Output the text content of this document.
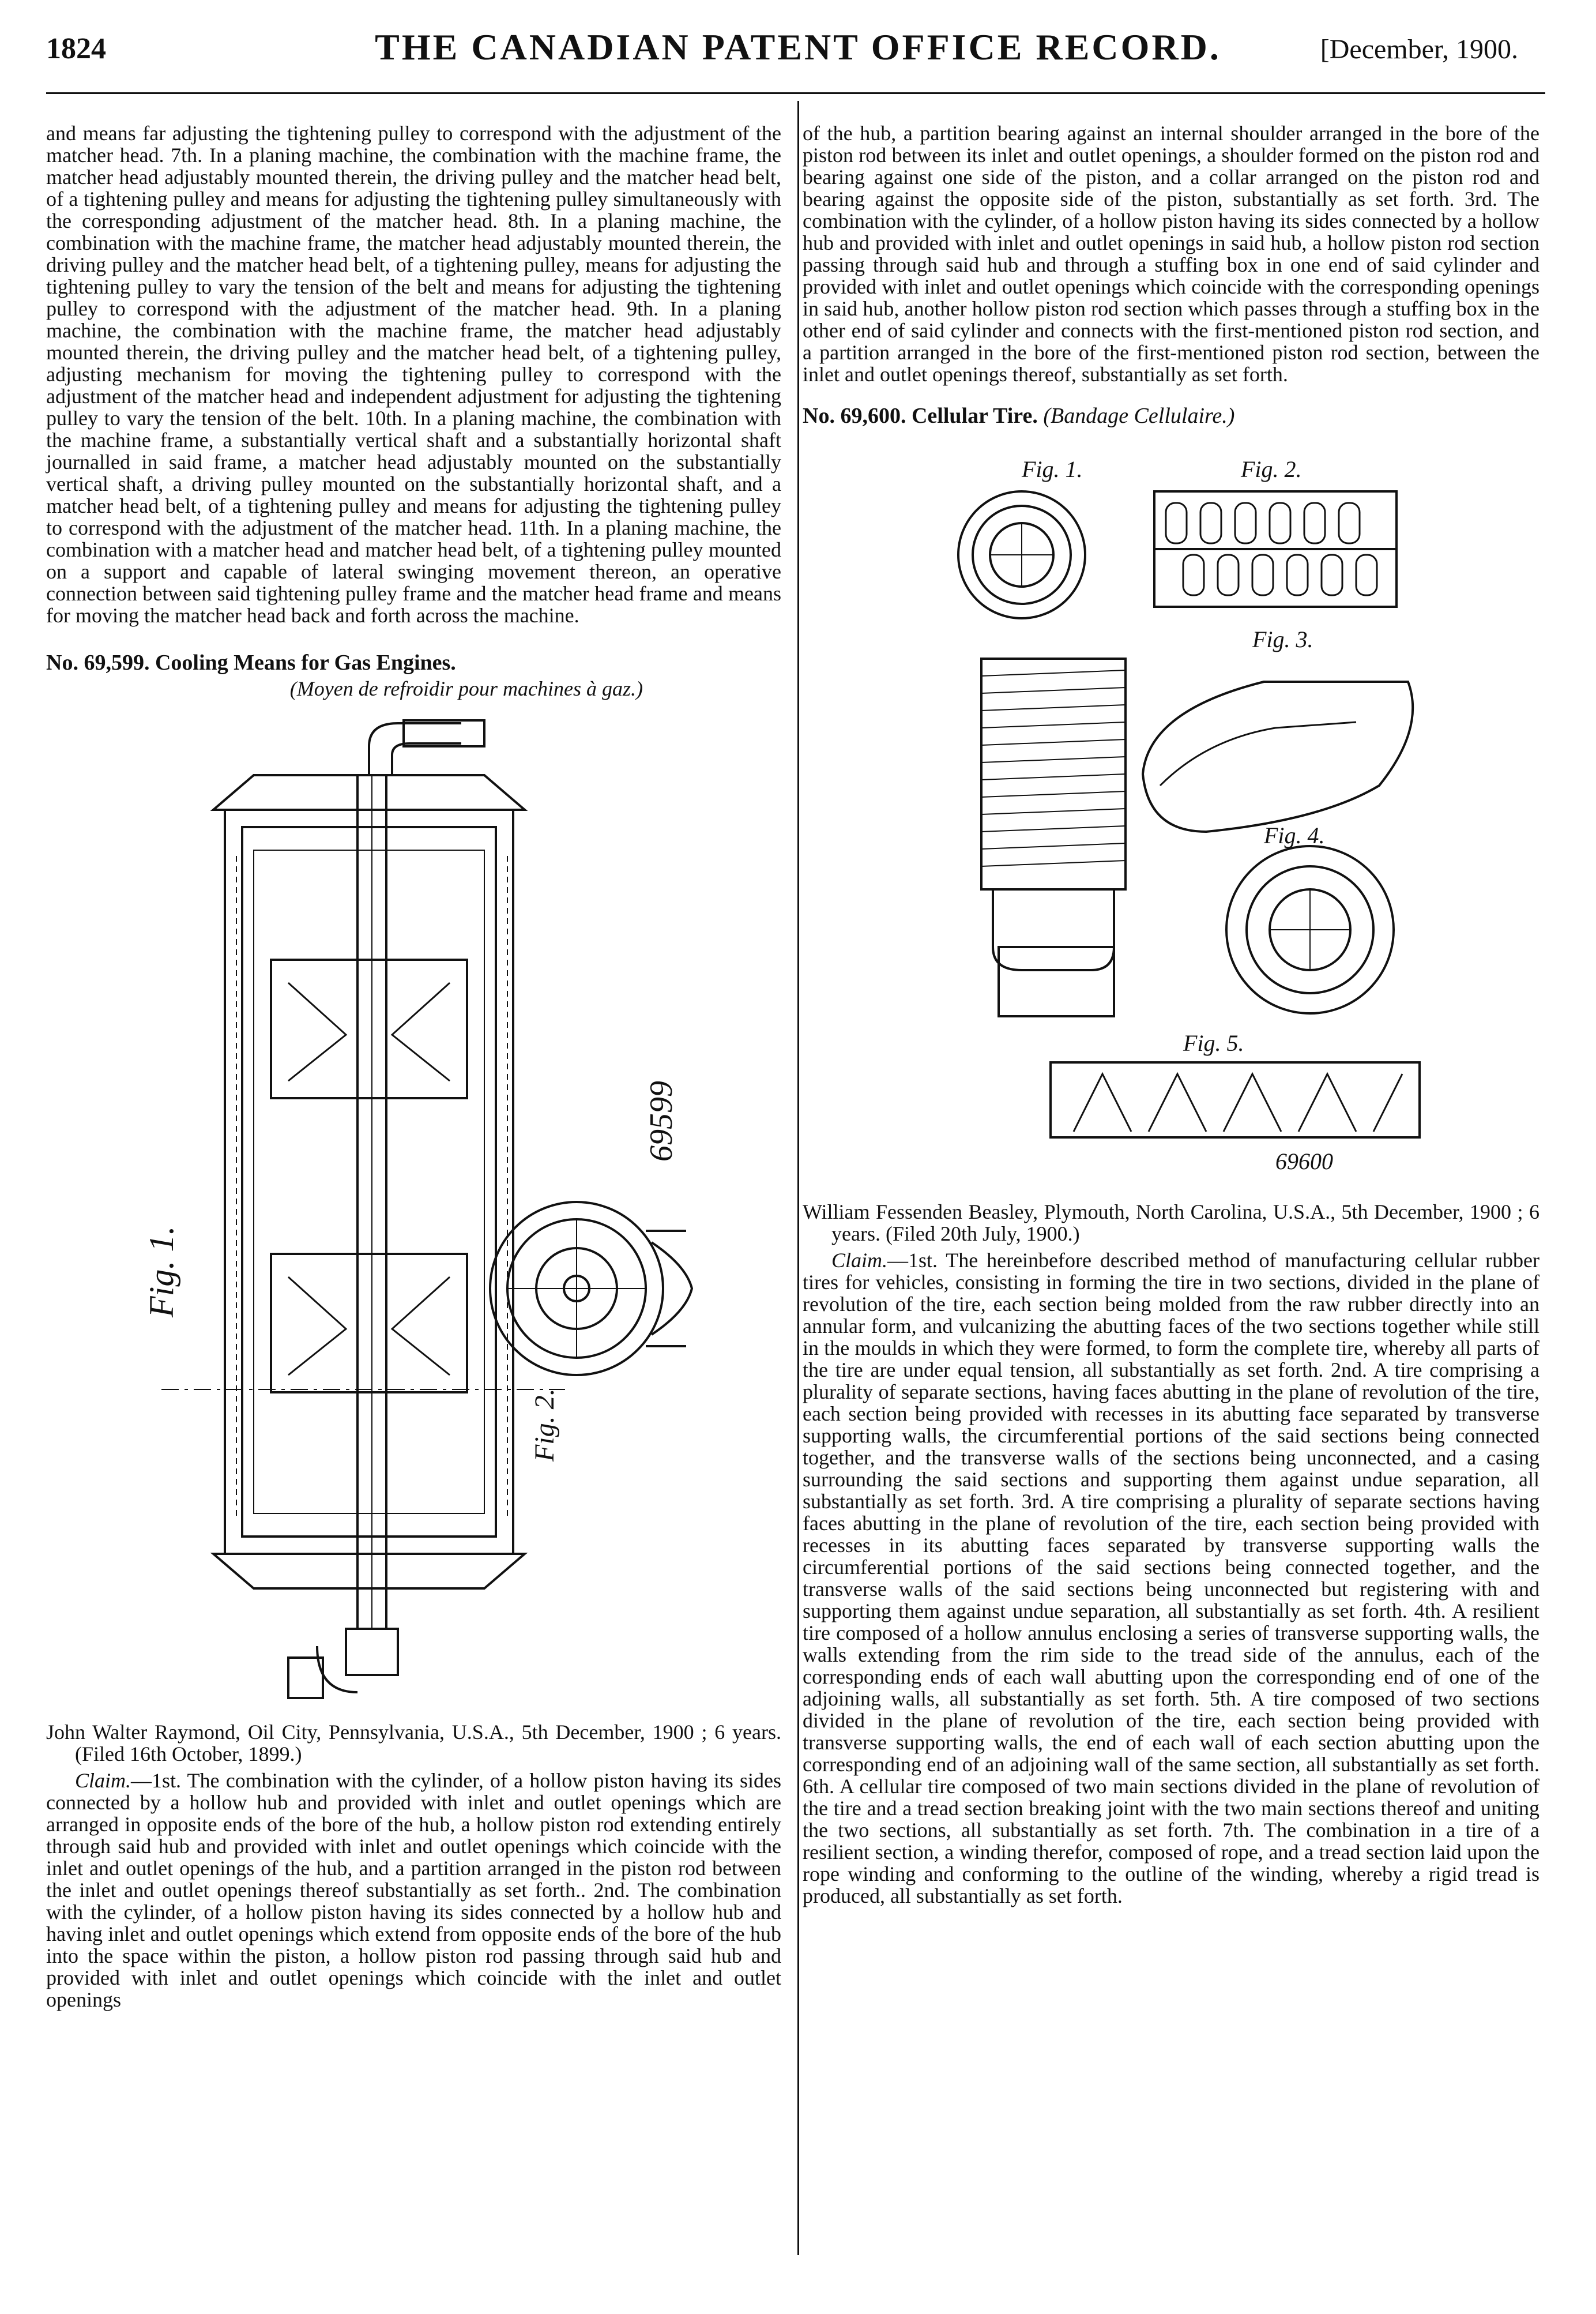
1824	THE CANADIAN PATENT OFFICE RECORD.	[December, 1900.

and means far adjusting the tightening pulley to correspond with the adjustment of the matcher head. 7th. In a planing machine, the combination with the machine frame, the matcher head adjustably mounted therein, the driving pulley and the matcher head belt, of a tightening pulley and means for adjusting the tightening pulley simultaneously with the corresponding adjustment of the matcher head. 8th. In a planing machine, the combination with the machine frame, the matcher head adjustably mounted therein, the driving pulley and the matcher head belt, of a tightening pulley, means for adjusting the tightening pulley to vary the tension of the belt and means for adjusting the tightening pulley to correspond with the adjustment of the matcher head. 9th. In a planing machine, the combination with the machine frame, the matcher head adjustably mounted therein, the driving pulley and the matcher head belt, of a tightening pulley, adjusting mechanism for moving the tightening pulley to correspond with the adjustment of the matcher head and independent adjustment for adjusting the tightening pulley to vary the tension of the belt. 10th. In a planing machine, the combination with the machine frame, a substantially vertical shaft and a substantially horizontal shaft journalled in said frame, a matcher head adjustably mounted on the substantially vertical shaft, a driving pulley mounted on the substantially horizontal shaft, and a matcher head belt, of a tightening pulley and means for adjusting the tightening pulley to correspond with the adjustment of the matcher head. 11th. In a planing machine, the combination with a matcher head and matcher head belt, of a tightening pulley mounted on a support and capable of lateral swinging movement thereon, an operative connection between said tightening pulley frame and the matcher head frame and means for moving the matcher head back and forth across the machine.

No. 69,599. Cooling Means for Gas Engines.
(Moyen de refroidir pour machines à gaz.)
Fig. 1.
Fig. 2.
69599

John Walter Raymond, Oil City, Pennsylvania, U.S.A., 5th December, 1900 ; 6 years. (Filed 16th October, 1899.)

Claim.—1st. The combination with the cylinder, of a hollow piston having its sides connected by a hollow hub and provided with inlet and outlet openings which are arranged in opposite ends of the bore of the hub, a hollow piston rod extending entirely through said hub and provided with inlet and outlet openings which coincide with the inlet and outlet openings of the hub, and a partition arranged in the piston rod between the inlet and outlet openings thereof substantially as set forth.. 2nd. The combination with the cylinder, of a hollow piston having its sides connected by a hollow hub and having inlet and outlet openings which extend from opposite ends of the bore of the hub into the space within the piston, a hollow piston rod passing through said hub and provided with inlet and outlet openings which coincide with the inlet and outlet openings

of the hub, a partition bearing against an internal shoulder arranged in the bore of the piston rod between its inlet and outlet openings, a shoulder formed on the piston rod and bearing against one side of the piston, and a collar arranged on the piston rod and bearing against the opposite side of the piston, substantially as set forth. 3rd. The combination with the cylinder, of a hollow piston having its sides connected by a hollow hub and provided with inlet and outlet openings in said hub, a hollow piston rod section passing through said hub and through a stuffing box in one end of said cylinder and provided with inlet and outlet openings which coincide with the corresponding openings in said hub, another hollow piston rod section which passes through a stuffing box in the other end of said cylinder and connects with the first-mentioned piston rod section, and a partition arranged in the bore of the first-mentioned piston rod section, between the inlet and outlet openings thereof, substantially as set forth.

No. 69,600. Cellular Tire. (Bandage Cellulaire.)
Fig. 1.	Fig. 2.
Fig. 3.
Fig. 4.
Fig. 5.
69600

William Fessenden Beasley, Plymouth, North Carolina, U.S.A., 5th December, 1900 ; 6 years. (Filed 20th July, 1900.)

Claim.—1st. The hereinbefore described method of manufacturing cellular rubber tires for vehicles, consisting in forming the tire in two sections, divided in the plane of revolution of the tire, each section being molded from the raw rubber directly into an annular form, and vulcanizing the abutting faces of the two sections together while still in the moulds in which they were formed, to form the complete tire, whereby all parts of the tire are under equal tension, all substantially as set forth. 2nd. A tire comprising a plurality of separate sections, having faces abutting in the plane of revolution of the tire, each section being provided with recesses in its abutting face separated by transverse supporting walls, the circumferential portions of the said sections being connected together, and the transverse walls of the sections being unconnected, and a casing surrounding the said sections and supporting them against undue separation, all substantially as set forth. 3rd. A tire comprising a plurality of separate sections having faces abutting in the plane of revolution of the tire, each section being provided with recesses in its abutting faces separated by transverse supporting walls the circumferential portions of the said sections being connected together, and the transverse walls of the said sections being unconnected but registering with and supporting them against undue separation, all substantially as set forth. 4th. A resilient tire composed of a hollow annulus enclosing a series of transverse supporting walls, the walls extending from the rim side to the tread side of the annulus, each of the corresponding ends of each wall abutting upon the corresponding end of one of the adjoining walls, all substantially as set forth. 5th. A tire composed of two sections divided in the plane of revolution of the tire, each section being provided with transverse supporting walls, the end of each wall of each section abutting upon the corresponding end of an adjoining wall of the same section, all substantially as set forth. 6th. A cellular tire composed of two main sections divided in the plane of revolution of the tire and a tread section breaking joint with the two main sections thereof and uniting the two sections, all substantially as set forth. 7th. The combination in a tire of a resilient section, a winding therefor, composed of rope, and a tread section laid upon the rope winding and conforming to the outline of the winding, whereby a rigid tread is produced, all substantially as set forth.
